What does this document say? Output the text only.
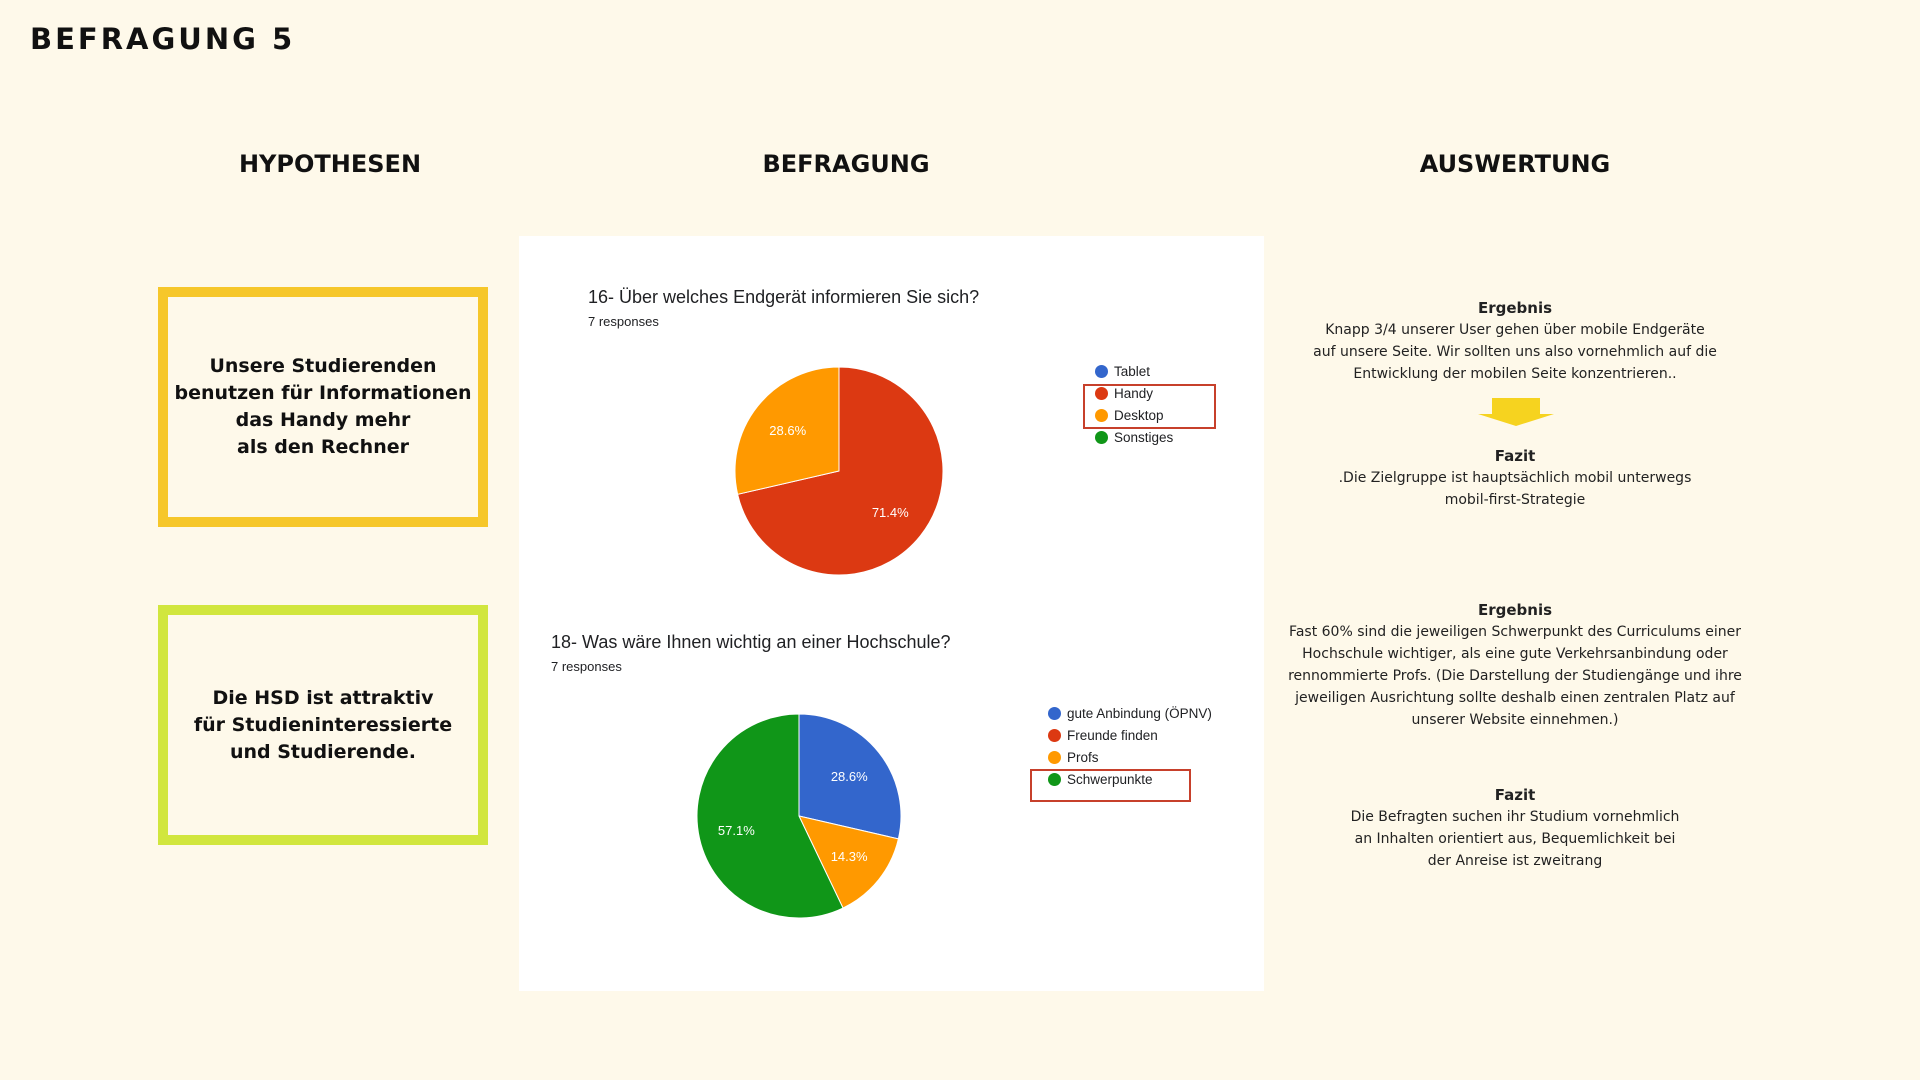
BEFRAGUNG 5
HYPOTHESEN	BEFRAGUNG	AUSWERTUNG
Unsere Studierenden
benutzen für Informationen
das Handy mehr
als den Rechner
Die HSD ist attraktiv
für Studieninteressierte
und Studierende.
16- Über welches Endgerät informieren Sie sich?
7 responses
71.4%
28.6%
Tablet
Handy
Desktop
Sonstiges
18- Was wäre Ihnen wichtig an einer Hochschule?
7 responses
28.6%
14.3%
57.1%
gute Anbindung (ÖPNV)
Freunde finden
Profs
Schwerpunkte
Ergebnis
Knapp 3/4 unserer User gehen über mobile Endgeräte
auf unsere Seite. Wir sollten uns also vornehmlich auf die
Entwicklung der mobilen Seite konzentrieren..
Fazit
.Die Zielgruppe ist hauptsächlich mobil unterwegs
mobil-first-Strategie
Ergebnis
Fast 60% sind die jeweiligen Schwerpunkt des Curriculums einer
Hochschule wichtiger, als eine gute Verkehrsanbindung oder
rennommierte Profs. (Die Darstellung der Studiengänge und ihre
jeweiligen Ausrichtung sollte deshalb einen zentralen Platz auf
unserer Website einnehmen.)
Fazit
Die Befragten suchen ihr Studium vornehmlich
an Inhalten orientiert aus, Bequemlichkeit bei
der Anreise ist zweitrang
